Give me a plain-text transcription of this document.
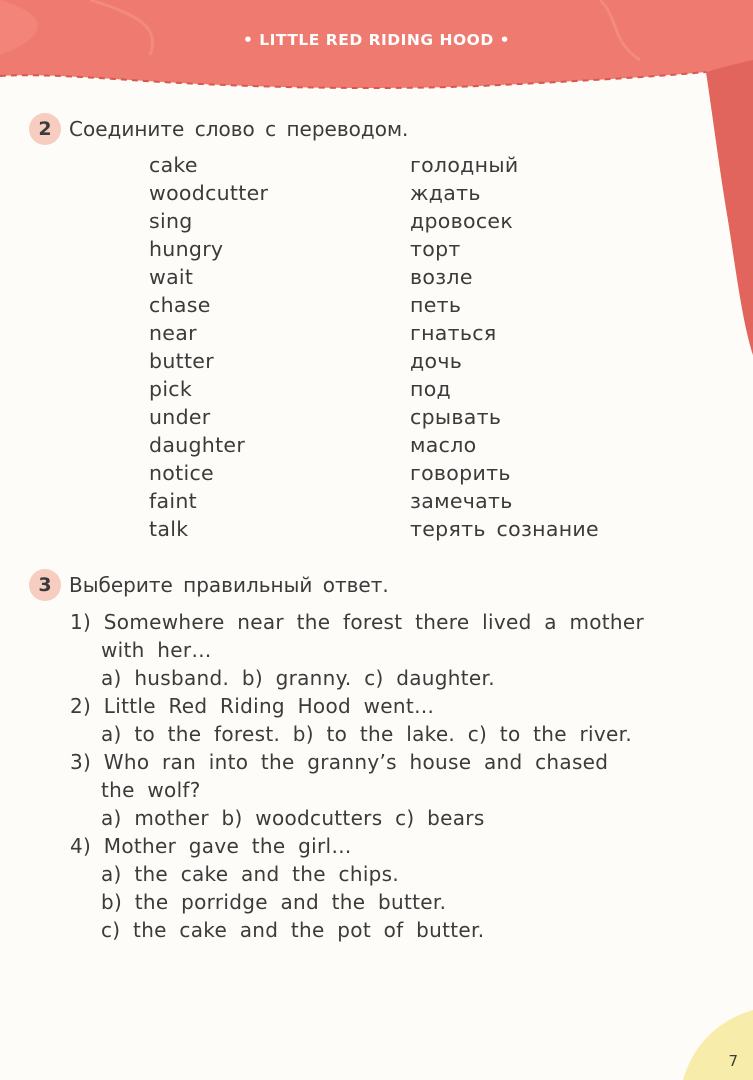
• LITTLE RED RIDING HOOD •
2 Соедините слово с переводом.
cake
woodcutter
sing
hungry
wait
chase
near
butter
pick
under
daughter
notice
faint
talk
голодный
ждать
дровосек
торт
возле
петь
гнаться
дочь
под
срывать
масло
говорить
замечать
терять сознание
3 Выберите правильный ответ.
1) Somewhere near the forest there lived a mother
with her…
a) husband. b) granny. c) daughter.
2) Little Red Riding Hood went…
a) to the forest. b) to the lake. c) to the river.
3) Who ran into the granny’s house and chased
the wolf?
a) mother b) woodcutters c) bears
4) Mother gave the girl…
a) the cake and the chips.
b) the porridge and the butter.
c) the cake and the pot of butter.
7
